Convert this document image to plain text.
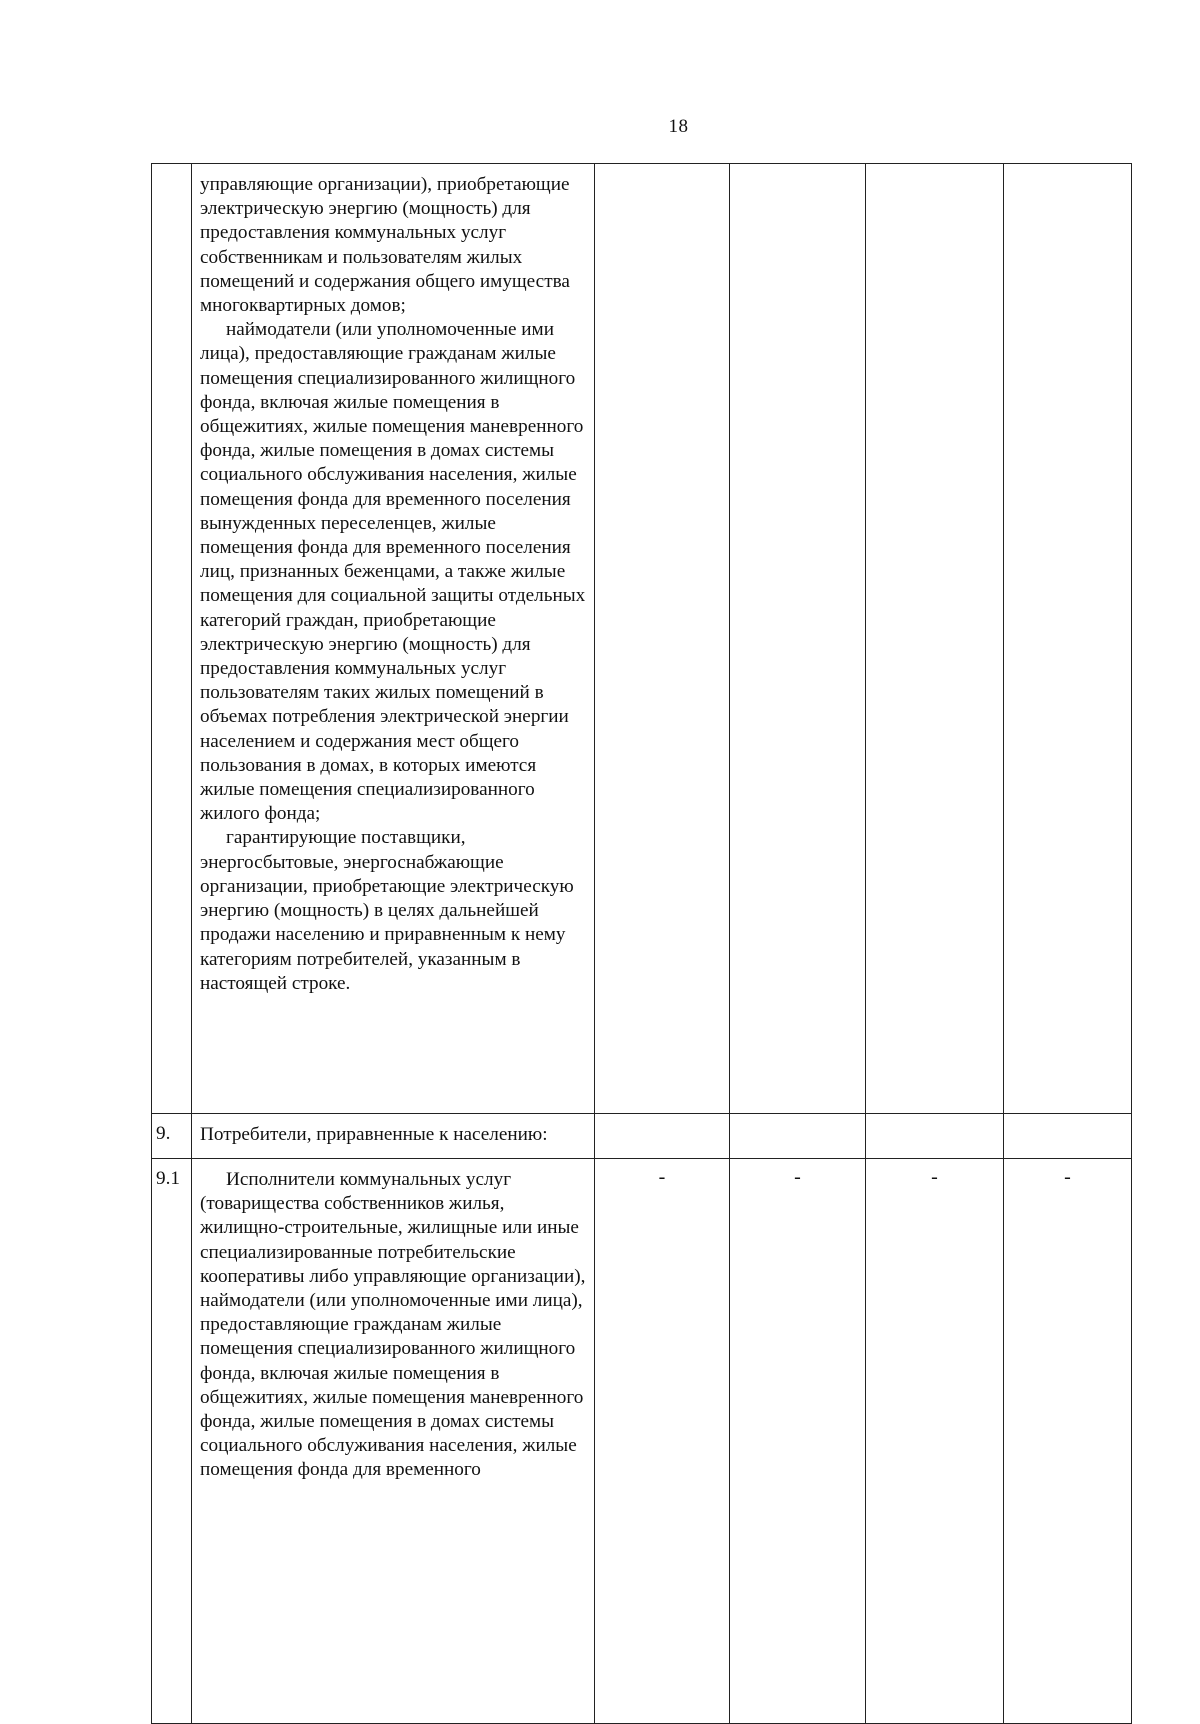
18

	управляющие организации), приобретающие электрическую энергию (мощность) для предоставления коммунальных услуг собственникам и пользователям жилых помещений и содержания общего имущества многоквартирных домов;

наймодатели (или уполномоченные ими лица), предоставляющие гражданам жилые помещения специализированного жилищного фонда, включая жилые помещения в общежитиях, жилые помещения маневренного фонда, жилые помещения в домах системы социального обслуживания населения, жилые помещения фонда для временного поселения вынужденных переселенцев, жилые помещения фонда для временного поселения лиц, признанных беженцами, а также жилые помещения для социальной защиты отдельных категорий граждан, приобретающие электрическую энергию (мощность) для предоставления коммунальных услуг пользователям таких жилых помещений в объемах потребления электрической энергии населением и содержания мест общего пользования в домах, в которых имеются жилые помещения специализированного жилого фонда;

гарантирующие поставщики, энергосбытовые, энергоснабжающие организации, приобретающие электрическую энергию (мощность) в целях дальнейшей продажи населению и приравненным к нему категориям потребителей, указанным в настоящей строке.				

9.	Потребители, приравненные к населению:				

9.1	Исполнители коммунальных услуг (товарищества собственников жилья, жилищно-строительные, жилищные или иные специализированные потребительские кооперативы либо управляющие организации), наймодатели (или уполномоченные ими лица), предоставляющие гражданам жилые помещения специализированного жилищного фонда, включая жилые помещения в общежитиях, жилые помещения маневренного фонда, жилые помещения в домах системы социального обслуживания населения, жилые помещения фонда для временного	-	-	-	-
